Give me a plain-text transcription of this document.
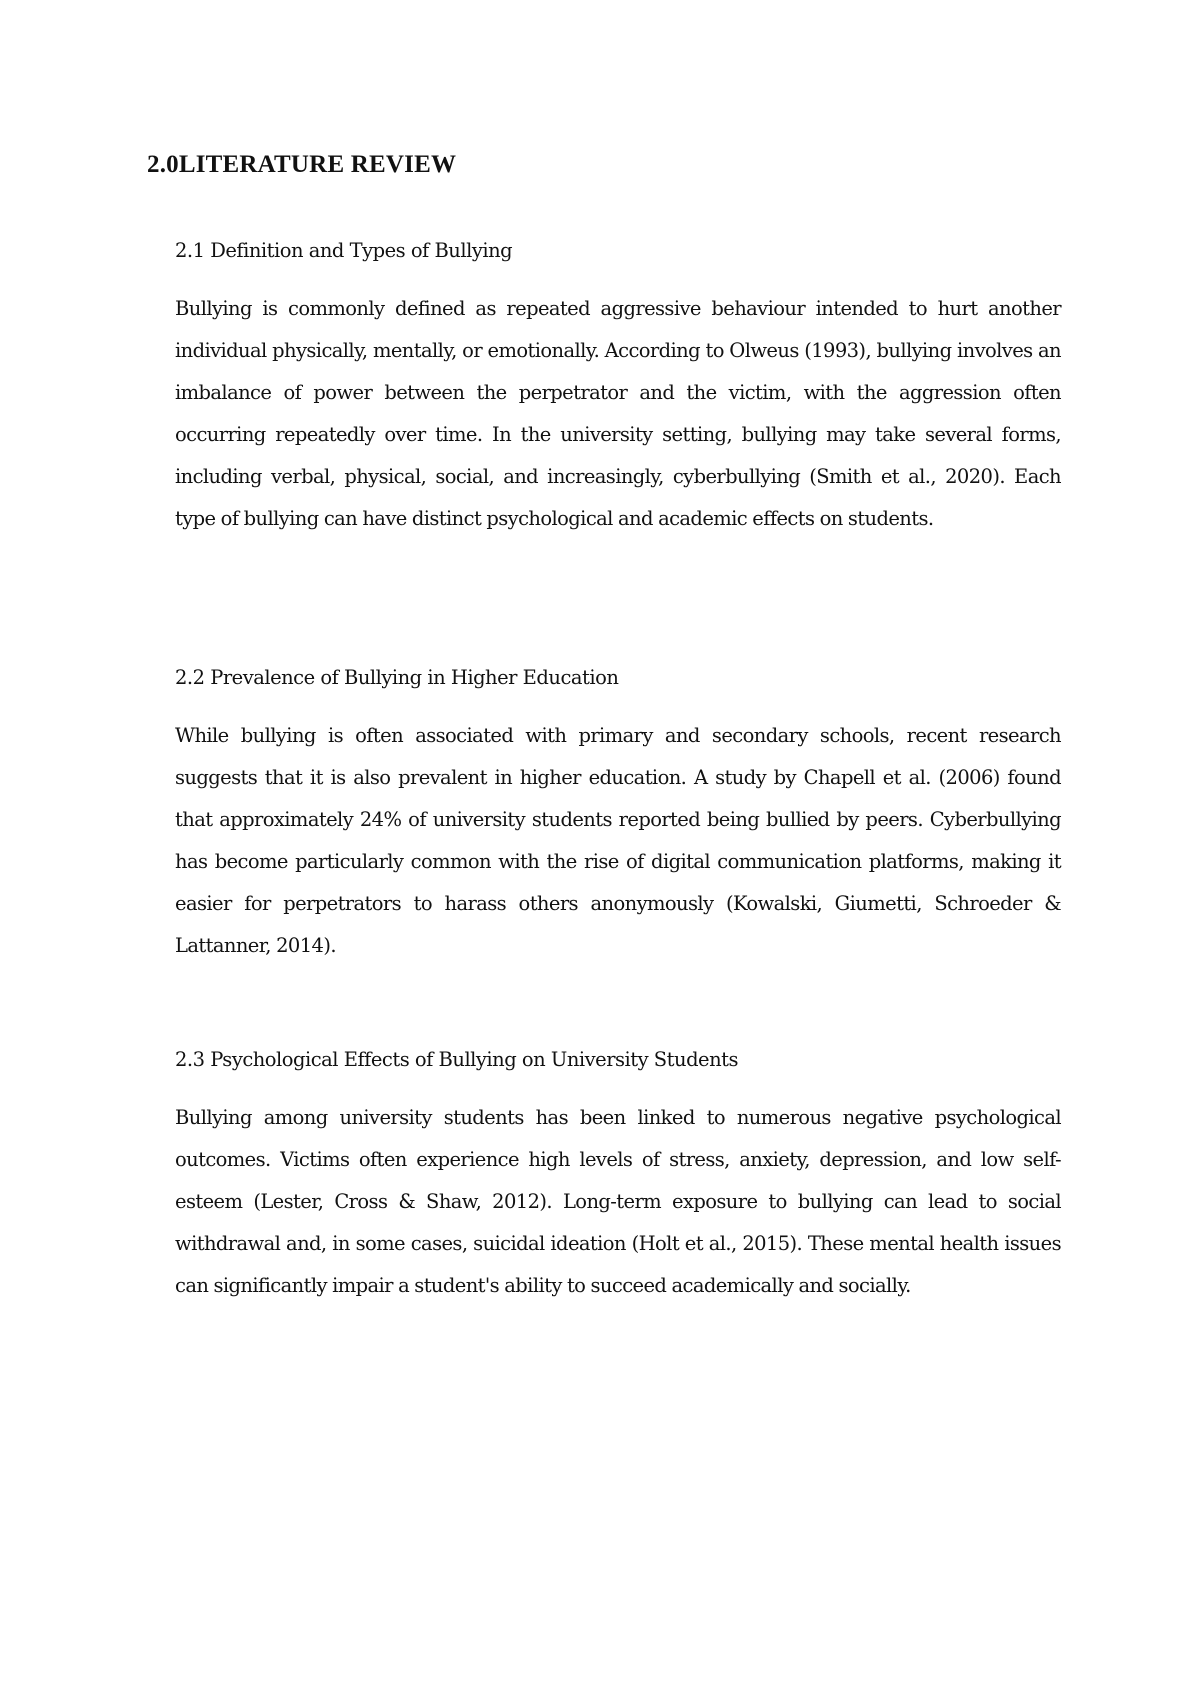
2.0LITERATURE REVIEW
2.1 Definition and Types of Bullying

Bullying is commonly defined as repeated aggressive behaviour intended to hurt another individual physically, mentally, or emotionally. According to Olweus (1993), bullying involves an imbalance of power between the perpetrator and the victim, with the aggression often occurring repeatedly over time. In the university setting, bullying may take several forms, including verbal, physical, social, and increasingly, cyberbullying (Smith et al., 2020). Each type of bullying can have distinct psychological and academic effects on students.

2.2 Prevalence of Bullying in Higher Education

While bullying is often associated with primary and secondary schools, recent research suggests that it is also prevalent in higher education. A study by Chapell et al. (2006) found that approximately 24% of university students reported being bullied by peers. Cyberbullying has become particularly common with the rise of digital communication platforms, making it easier for perpetrators to harass others anonymously (Kowalski, Giumetti, Schroeder & Lattanner, 2014).

2.3 Psychological Effects of Bullying on University Students

Bullying among university students has been linked to numerous negative psychological outcomes. Victims often experience high levels of stress, anxiety, depression, and low self-esteem (Lester, Cross & Shaw, 2012). Long-term exposure to bullying can lead to social withdrawal and, in some cases, suicidal ideation (Holt et al., 2015). These mental health issues can significantly impair a student's ability to succeed academically and socially.
